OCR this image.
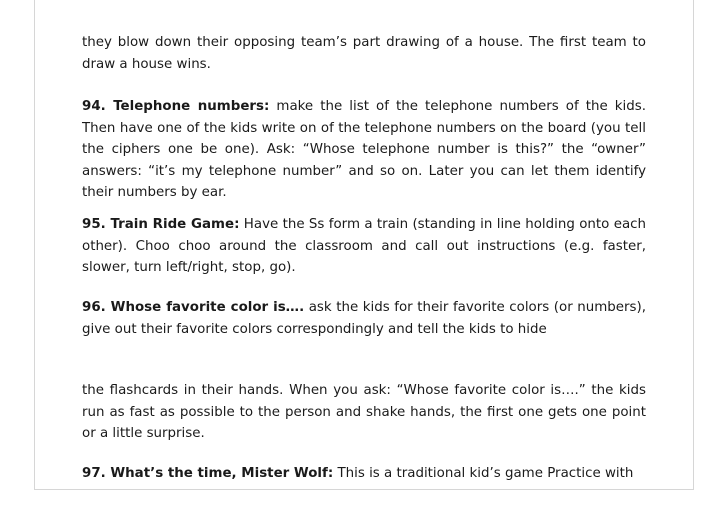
they blow down their opposing team’s part drawing of a house. The first team to draw a house wins.

94. Telephone numbers: make the list of the telephone numbers of the kids. Then have one of the kids write on of the telephone numbers on the board (you tell the ciphers one be one). Ask: “Whose telephone number is this?” the “owner” answers: “it’s my telephone number” and so on. Later you can let them identify their numbers by ear.

95. Train Ride Game: Have the Ss form a train (standing in line holding onto each other). Choo choo around the classroom and call out instructions (e.g. faster, slower, turn left/right, stop, go).

96. Whose favorite color is…. ask the kids for their favorite colors (or numbers), give out their favorite colors correspondingly and tell the kids to hide

the flashcards in their hands. When you ask: “Whose favorite color is….” the kids run as fast as possible to the person and shake hands, the first one gets one point or a little surprise.

97. What’s the time, Mister Wolf: This is a traditional kid’s game Practice with
